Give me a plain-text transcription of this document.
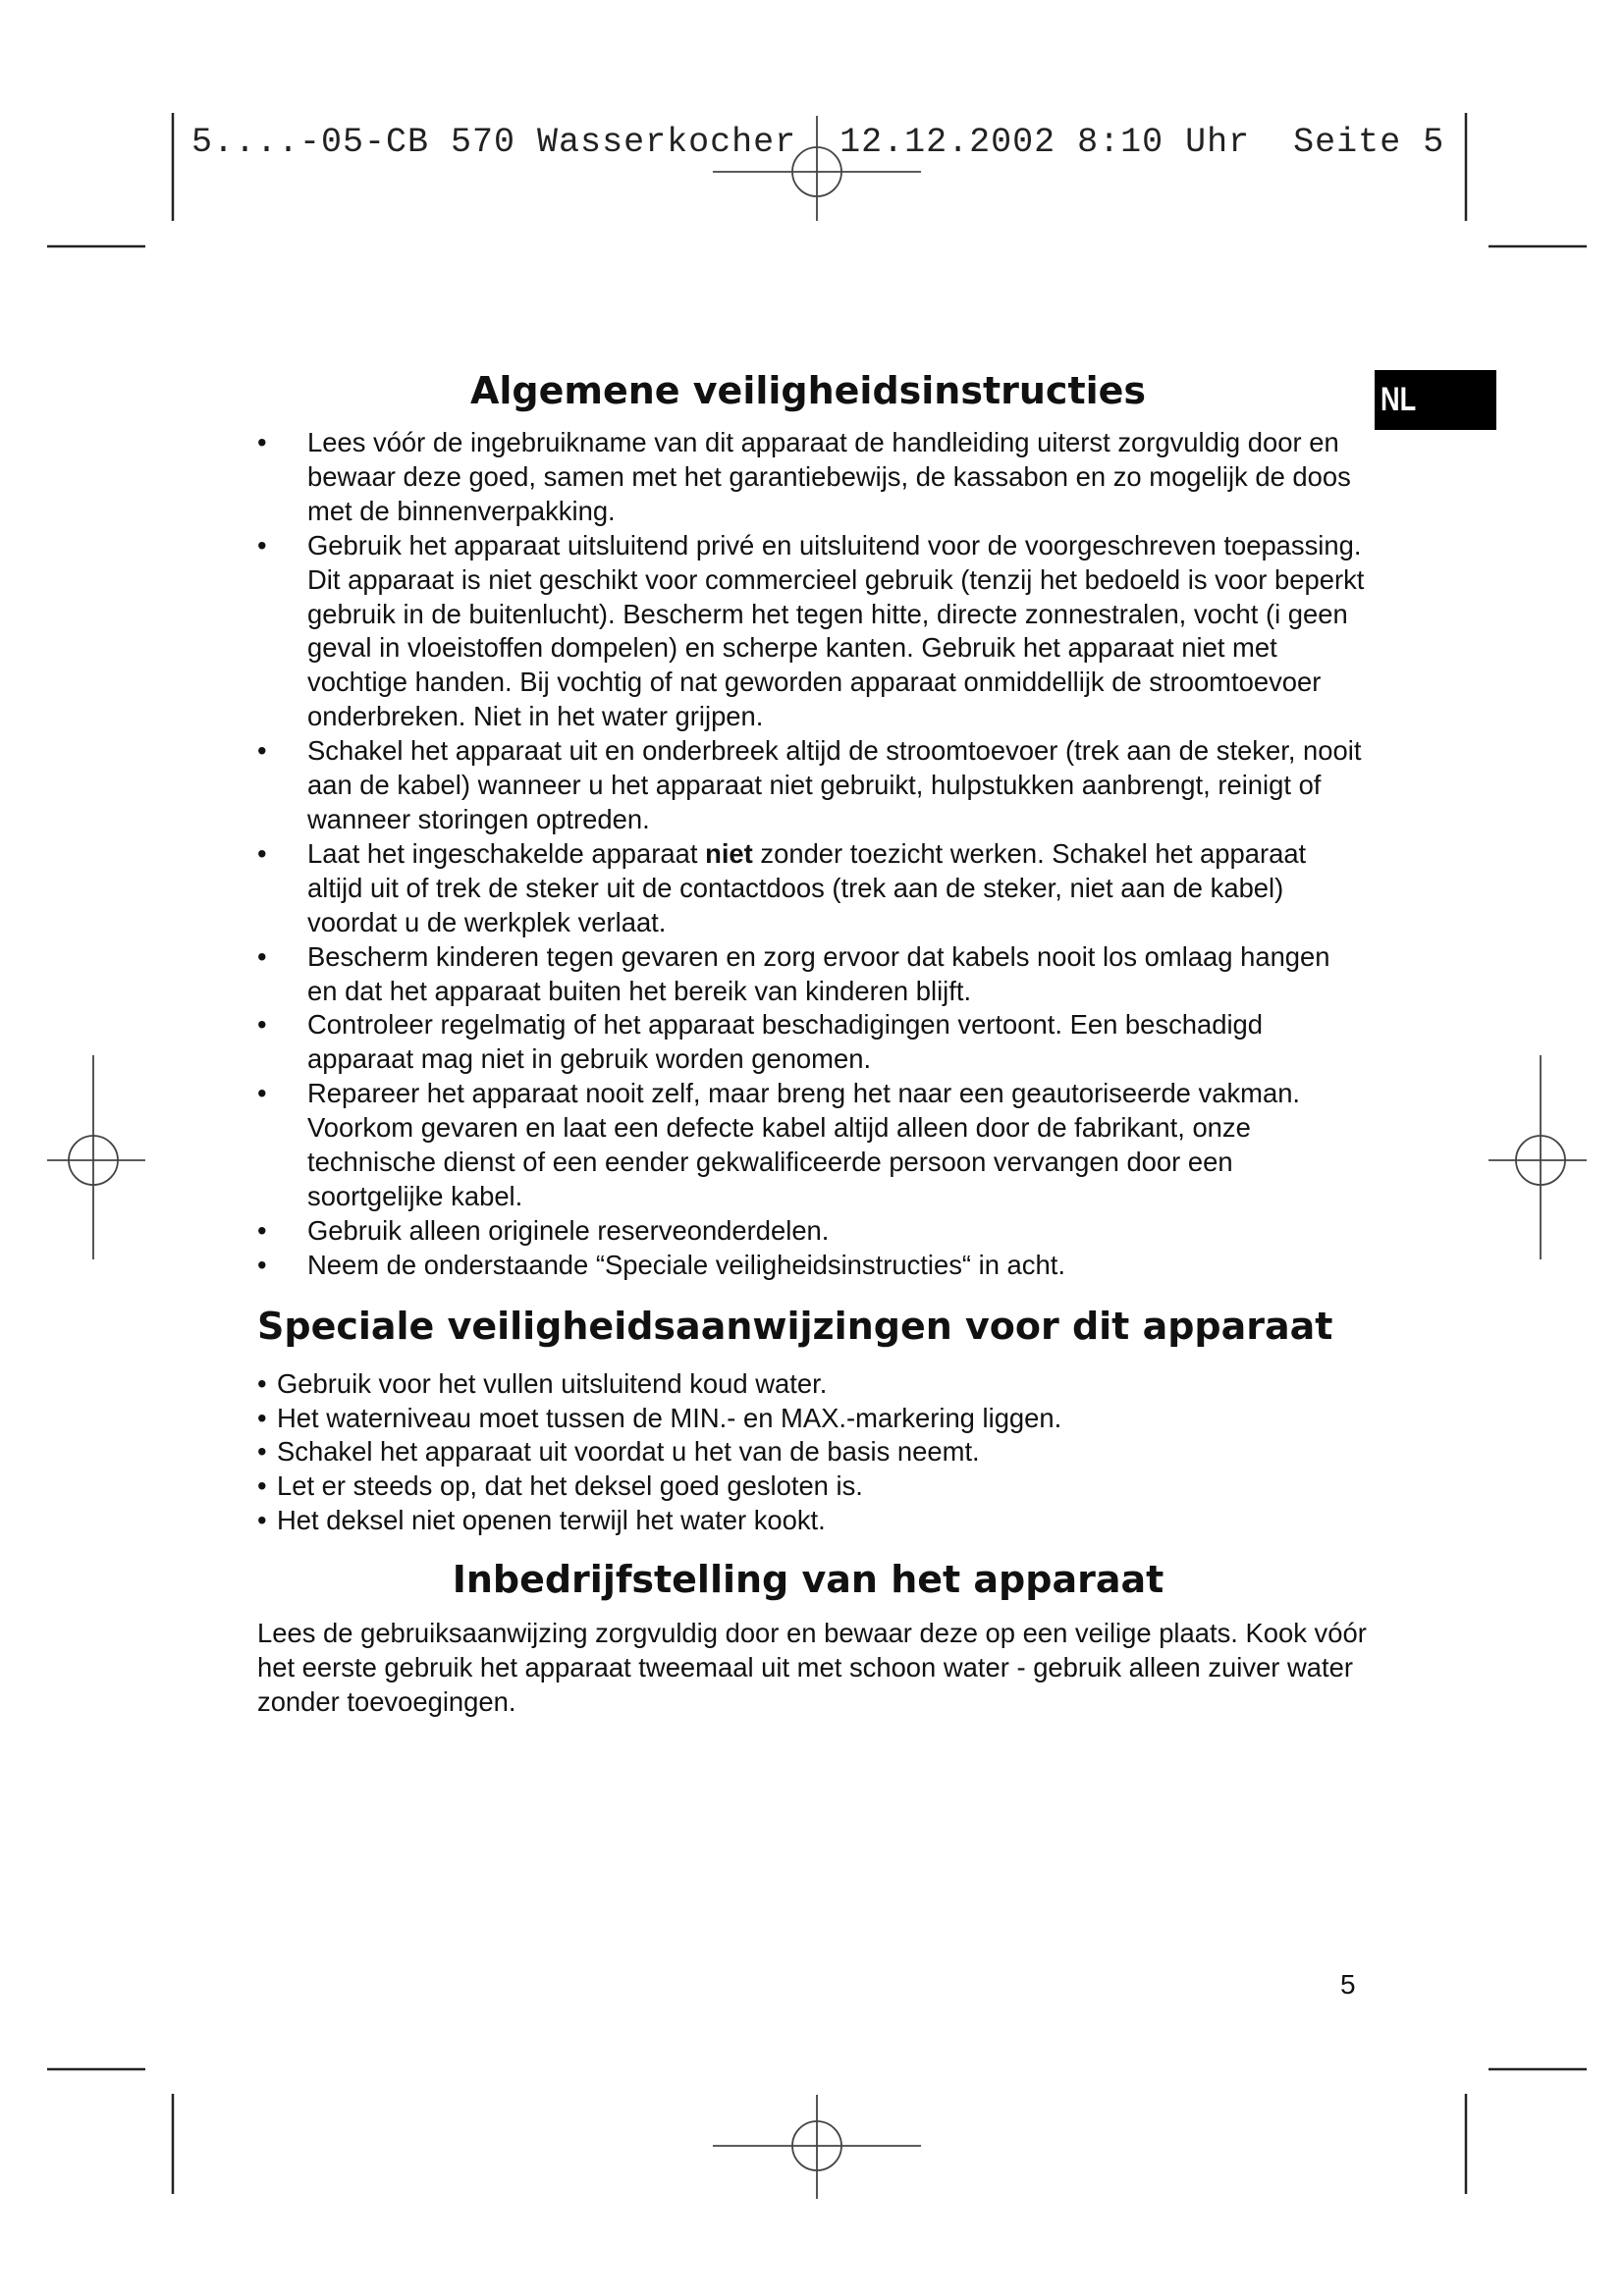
5....-05-CB 570 Wasserkocher  12.12.2002 8:10 Uhr  Seite 5
NL
Algemene veiligheidsinstructies
•	Lees vóór de ingebruikname van dit apparaat de handleiding uiterst zorgvuldig door en bewaar deze goed, samen met het garantiebewijs, de kassabon en zo mogelijk de doos met de binnenverpakking.
•	Gebruik het apparaat uitsluitend privé en uitsluitend voor de voorgeschreven toepassing. Dit apparaat is niet geschikt voor commercieel gebruik (tenzij het bedoeld is voor beperkt gebruik in de buitenlucht). Bescherm het tegen hitte, directe zonnestralen, vocht (i geen geval in vloeistoffen dompelen) en scherpe kanten. Gebruik het apparaat niet met vochtige handen. Bij vochtig of nat geworden apparaat onmiddellijk de stroomtoevoer onderbreken. Niet in het water grijpen.
•	Schakel het apparaat uit en onderbreek altijd de stroomtoevoer (trek aan de steker, nooit aan de kabel) wanneer u het apparaat niet gebruikt, hulpstukken aanbrengt, reinigt of wanneer storingen optreden.
•	Laat het ingeschakelde apparaat niet zonder toezicht werken. Schakel het apparaat altijd uit of trek de steker uit de contactdoos (trek aan de steker, niet aan de kabel) voordat u de werkplek verlaat.
•	Bescherm kinderen tegen gevaren en zorg ervoor dat kabels nooit los omlaag hangen en dat het apparaat buiten het bereik van kinderen blijft.
•	Controleer regelmatig of het apparaat beschadigingen vertoont. Een beschadigd apparaat mag niet in gebruik worden genomen.
•	Repareer het apparaat nooit zelf, maar breng het naar een geautoriseerde vakman. Voorkom gevaren en laat een defecte kabel altijd alleen door de fabrikant, onze technische dienst of een eender gekwalificeerde persoon vervangen door een soortgelijke kabel.
•	Gebruik alleen originele reserveonderdelen.
•	Neem de onderstaande “Speciale veiligheidsinstructies“ in acht.
Speciale veiligheidsaanwijzingen voor dit apparaat
• Gebruik voor het vullen uitsluitend koud water.
• Het waterniveau moet tussen de MIN.- en MAX.-markering liggen.
• Schakel het apparaat uit voordat u het van de basis neemt.
• Let er steeds op, dat het deksel goed gesloten is.
• Het deksel niet openen terwijl het water kookt.
Inbedrijfstelling van het apparaat

Lees de gebruiksaanwijzing zorgvuldig door en bewaar deze op een veilige plaats. Kook vóór het eerste gebruik het apparaat tweemaal uit met schoon water - gebruik alleen zuiver water zonder toevoegingen.

5
